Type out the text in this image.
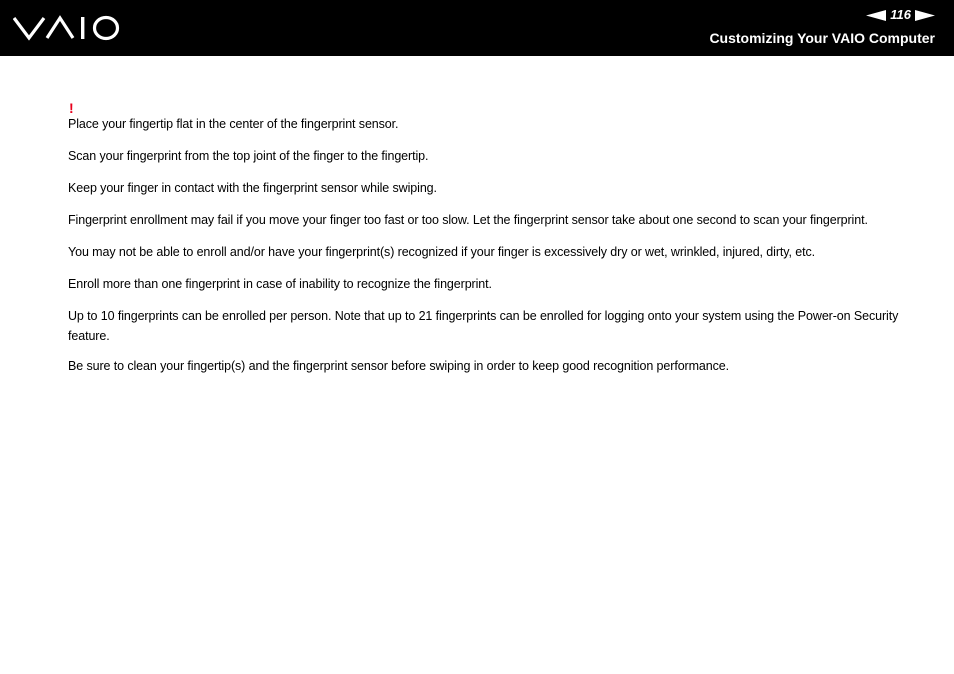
116
Customizing Your VAIO Computer
!

Place your fingertip flat in the center of the fingerprint sensor.

Scan your fingerprint from the top joint of the finger to the fingertip.

Keep your finger in contact with the fingerprint sensor while swiping.

Fingerprint enrollment may fail if you move your finger too fast or too slow. Let the fingerprint sensor take about one second to scan your fingerprint.

You may not be able to enroll and/or have your fingerprint(s) recognized if your finger is excessively dry or wet, wrinkled, injured, dirty, etc.

Enroll more than one fingerprint in case of inability to recognize the fingerprint.

Up to 10 fingerprints can be enrolled per person. Note that up to 21 fingerprints can be enrolled for logging onto your system using the Power-on Security feature.

Be sure to clean your fingertip(s) and the fingerprint sensor before swiping in order to keep good recognition performance.
